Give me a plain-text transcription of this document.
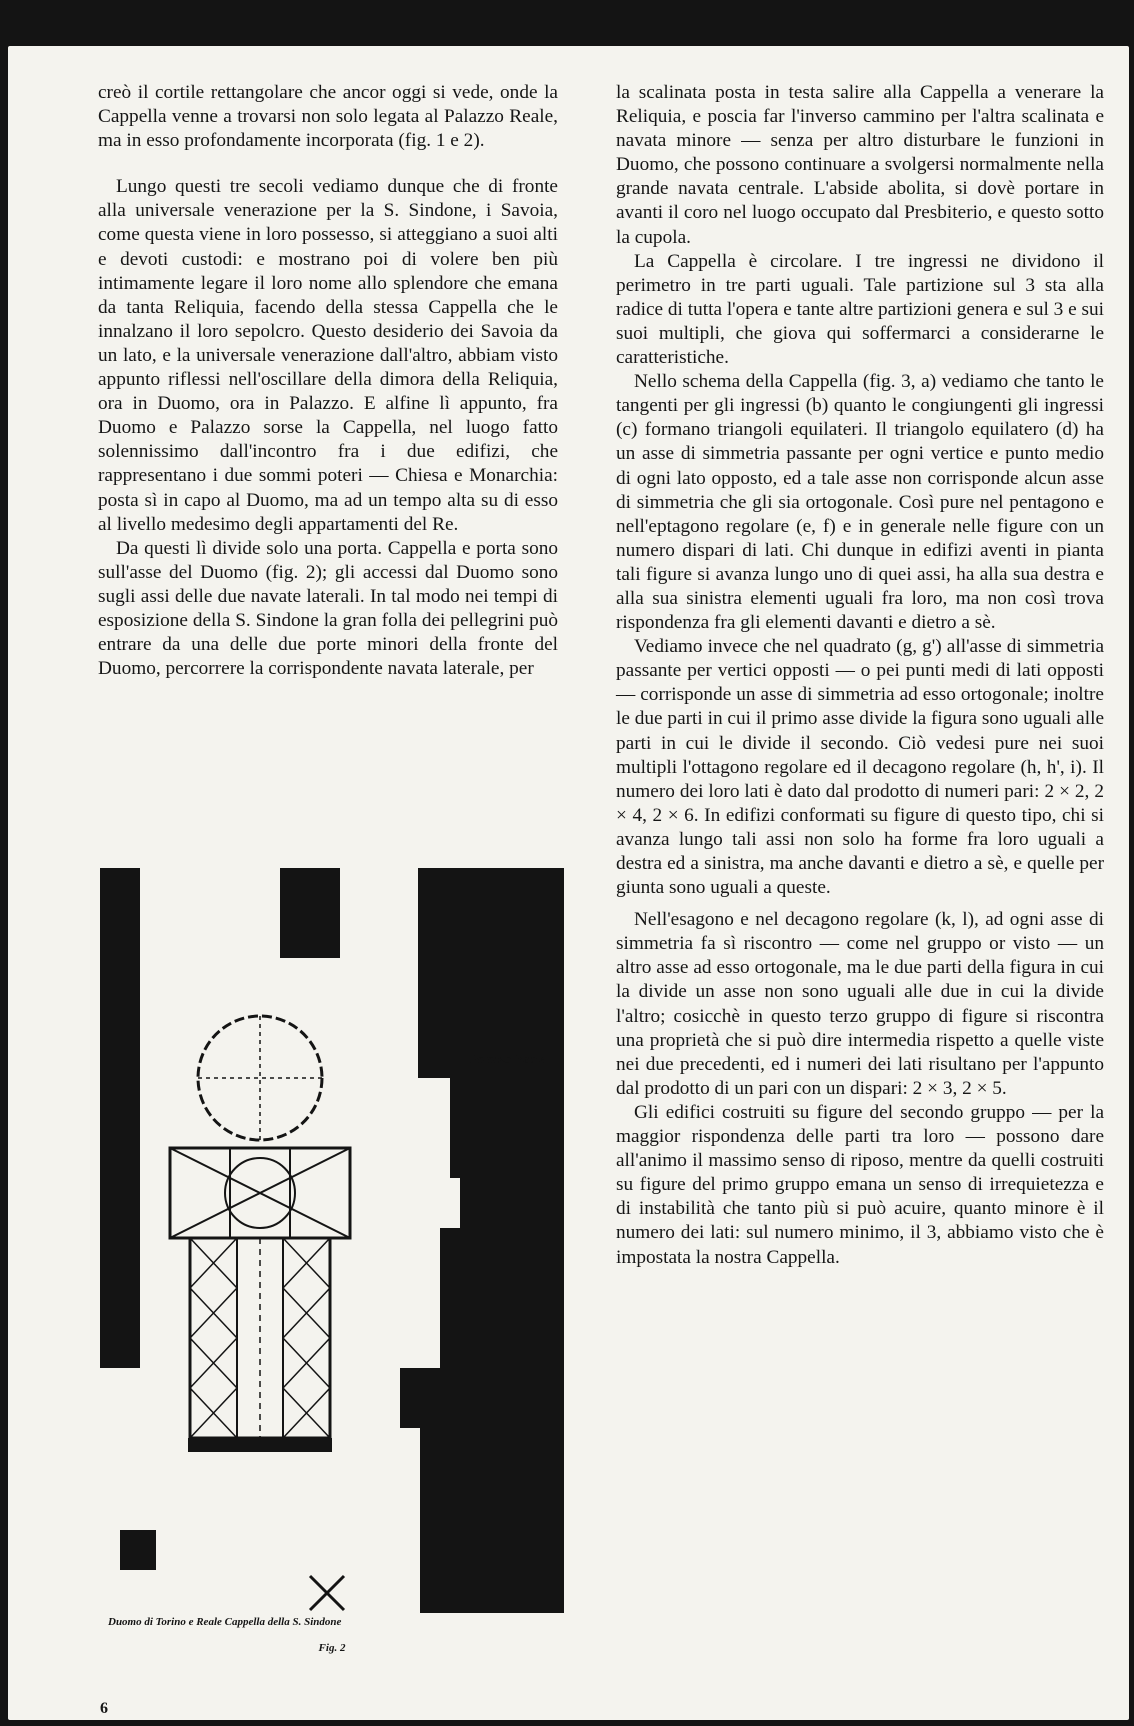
creò il cortile rettangolare che ancor oggi si vede, onde la Cappella venne a trovarsi non solo legata al Palazzo Reale, ma in esso profondamente incorporata (fig. 1 e 2).

Lungo questi tre secoli vediamo dunque che di fronte alla universale venerazione per la S. Sindone, i Savoia, come questa viene in loro possesso, si atteggiano a suoi alti e devoti custodi: e mostrano poi di volere ben più intimamente legare il loro nome allo splendore che emana da tanta Reliquia, facendo della stessa Cappella che le innalzano il loro sepolcro. Questo desiderio dei Savoia da un lato, e la universale venerazione dall'altro, abbiam visto appunto riflessi nell'oscillare della dimora della Reliquia, ora in Duomo, ora in Palazzo. E alfine lì appunto, fra Duomo e Palazzo sorse la Cappella, nel luogo fatto solennissimo dall'incontro fra i due edifizi, che rappresentano i due sommi poteri — Chiesa e Monarchia: posta sì in capo al Duomo, ma ad un tempo alta su di esso al livello medesimo degli appartamenti del Re.

Da questi lì divide solo una porta. Cappella e porta sono sull'asse del Duomo (fig. 2); gli accessi dal Duomo sono sugli assi delle due navate laterali. In tal modo nei tempi di esposizione della S. Sindone la gran folla dei pellegrini può entrare da una delle due porte minori della fronte del Duomo, percorrere la corrispondente navata laterale, per

la scalinata posta in testa salire alla Cappella a venerare la Reliquia, e poscia far l'inverso cammino per l'altra scalinata e navata minore — senza per altro disturbare le funzioni in Duomo, che possono continuare a svolgersi normalmente nella grande navata centrale. L'abside abolita, si dovè portare in avanti il coro nel luogo occupato dal Presbiterio, e questo sotto la cupola.

La Cappella è circolare. I tre ingressi ne dividono il perimetro in tre parti uguali. Tale partizione sul 3 sta alla radice di tutta l'opera e tante altre partizioni genera e sul 3 e sui suoi multipli, che giova qui soffermarci a considerarne le caratteristiche.

Nello schema della Cappella (fig. 3, a) vediamo che tanto le tangenti per gli ingressi (b) quanto le congiungenti gli ingressi (c) formano triangoli equilateri. Il triangolo equilatero (d) ha un asse di simmetria passante per ogni vertice e punto medio di ogni lato opposto, ed a tale asse non corrisponde alcun asse di simmetria che gli sia ortogonale. Così pure nel pentagono e nell'eptagono regolare (e, f) e in generale nelle figure con un numero dispari di lati. Chi dunque in edifizi aventi in pianta tali figure si avanza lungo uno di quei assi, ha alla sua destra e alla sua sinistra elementi uguali fra loro, ma non così trova rispondenza fra gli elementi davanti e dietro a sè.

Vediamo invece che nel quadrato (g, g') all'asse di simmetria passante per vertici opposti — o pei punti medi di lati opposti — corrisponde un asse di simmetria ad esso ortogonale; inoltre le due parti in cui il primo asse divide la figura sono uguali alle parti in cui le divide il secondo. Ciò vedesi pure nei suoi multipli l'ottagono regolare ed il decagono regolare (h, h', i). Il numero dei loro lati è dato dal prodotto di numeri pari: 2 × 2, 2 × 4, 2 × 6. In edifizi conformati su figure di questo tipo, chi si avanza lungo tali assi non solo ha forme fra loro uguali a destra ed a sinistra, ma anche davanti e dietro a sè, e quelle per giunta sono uguali a queste.

Nell'esagono e nel decagono regolare (k, l), ad ogni asse di simmetria fa sì riscontro — come nel gruppo or visto — un altro asse ad esso ortogonale, ma le due parti della figura in cui la divide un asse non sono uguali alle due in cui la divide l'altro; cosicchè in questo terzo gruppo di figure si riscontra una proprietà che si può dire intermedia rispetto a quelle viste nei due precedenti, ed i numeri dei lati risultano per l'appunto dal prodotto di un pari con un dispari: 2 × 3, 2 × 5.

Gli edifici costruiti su figure del secondo gruppo — per la maggior rispondenza delle parti tra loro — possono dare all'animo il massimo senso di riposo, mentre da quelli costruiti su figure del primo gruppo emana un senso di irrequietezza e di instabilità che tanto più si può acuire, quanto minore è il numero dei lati: sul numero minimo, il 3, abbiamo visto che è impostata la nostra Cappella.

Palazzo Reale
Duomo di Torino e Reale Cappella della S. Sindone
Campanile
Fig. 2
6
